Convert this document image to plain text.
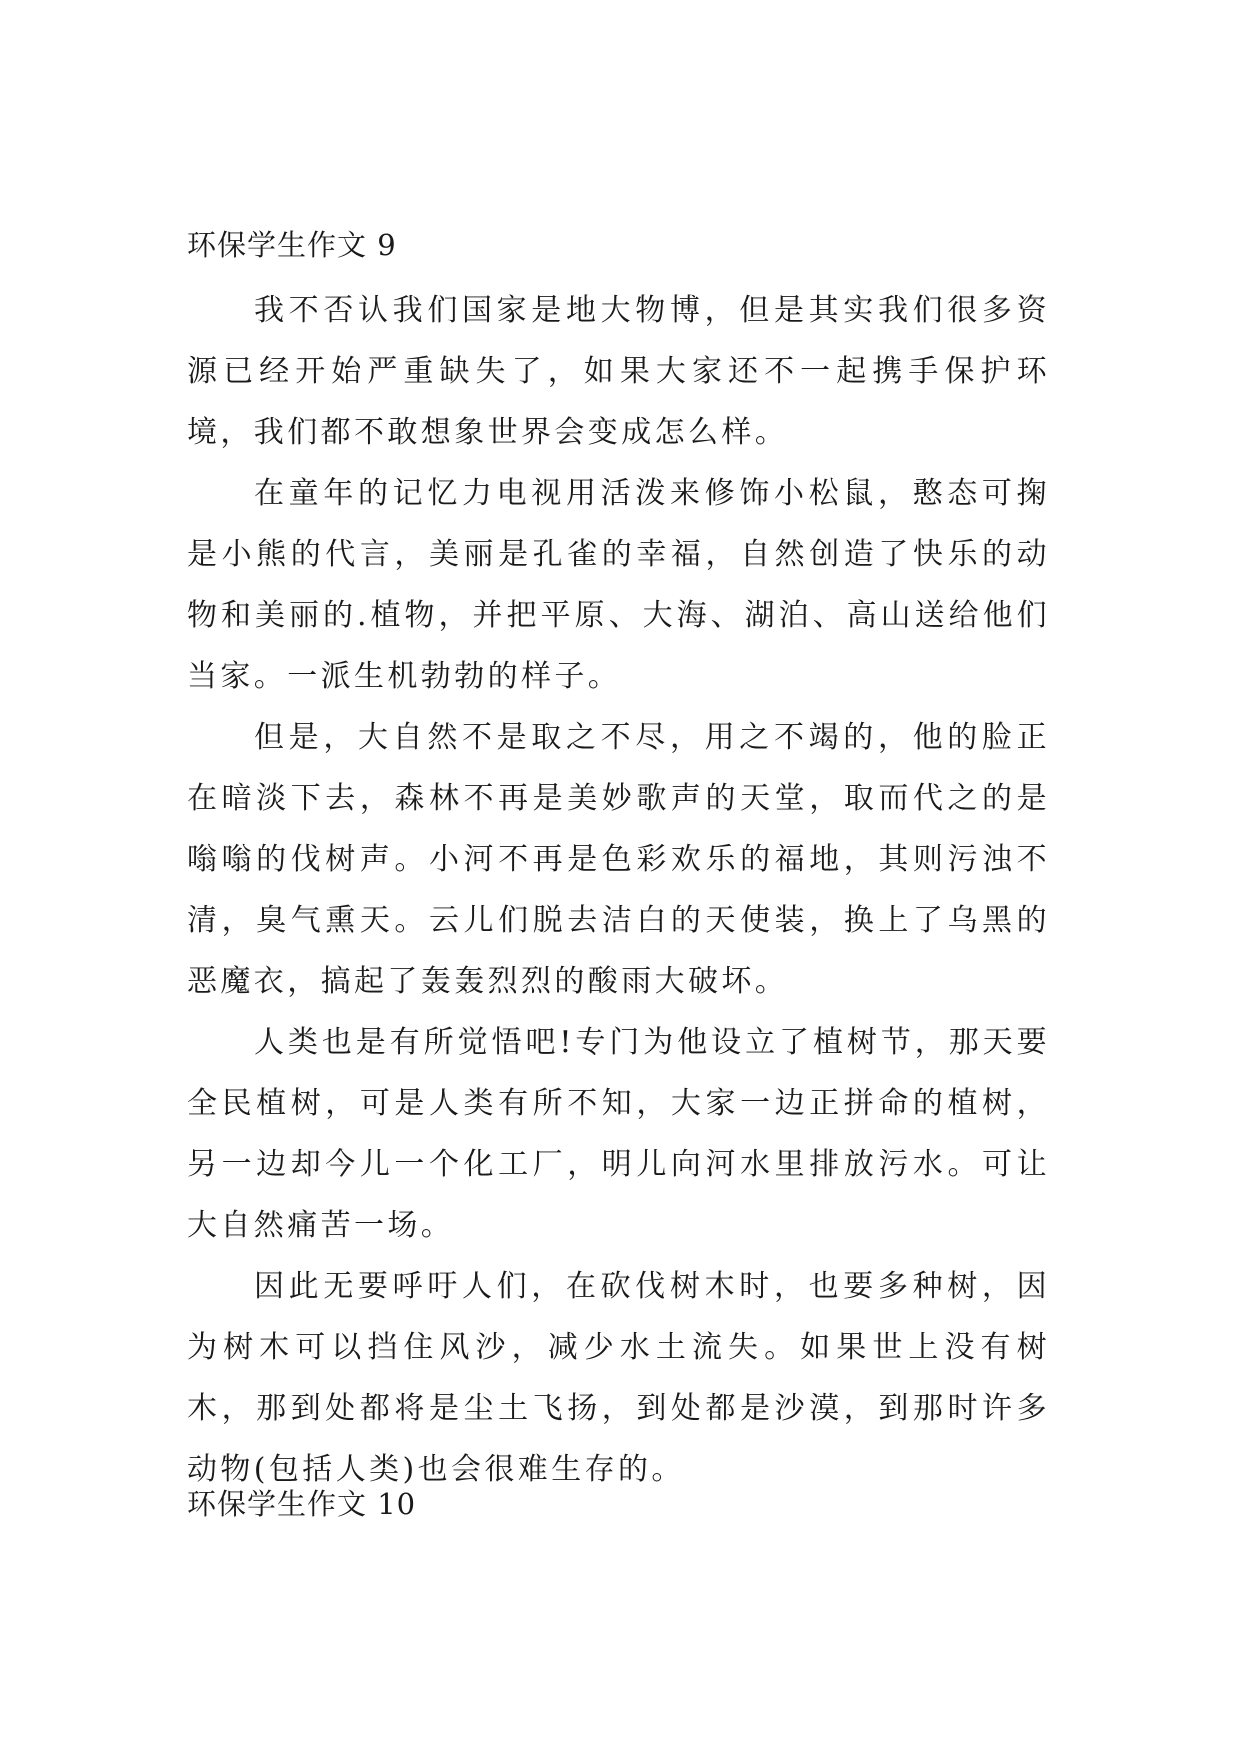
环保学生作文 9

我不否认我们国家是地大物博，但是其实我们很多资源已经开始严重缺失了，如果大家还不一起携手保护环境，我们都不敢想象世界会变成怎么样。

在童年的记忆力电视用活泼来修饰小松鼠，憨态可掬是小熊的代言，美丽是孔雀的幸福，自然创造了快乐的动物和美丽的.植物，并把平原、大海、湖泊、高山送给他们当家。一派生机勃勃的样子。

但是，大自然不是取之不尽，用之不竭的，他的脸正在暗淡下去，森林不再是美妙歌声的天堂，取而代之的是嗡嗡的伐树声。小河不再是色彩欢乐的福地，其则污浊不清，臭气熏天。云儿们脱去洁白的天使装，换上了乌黑的恶魔衣，搞起了轰轰烈烈的酸雨大破坏。

人类也是有所觉悟吧!专门为他设立了植树节，那天要全民植树，可是人类有所不知，大家一边正拼命的植树，另一边却今儿一个化工厂，明儿向河水里排放污水。可让大自然痛苦一场。

因此无要呼吁人们，在砍伐树木时，也要多种树，因为树木可以挡住风沙，减少水土流失。如果世上没有树木，那到处都将是尘土飞扬，到处都是沙漠，到那时许多动物(包括人类)也会很难生存的。

环保学生作文 10
